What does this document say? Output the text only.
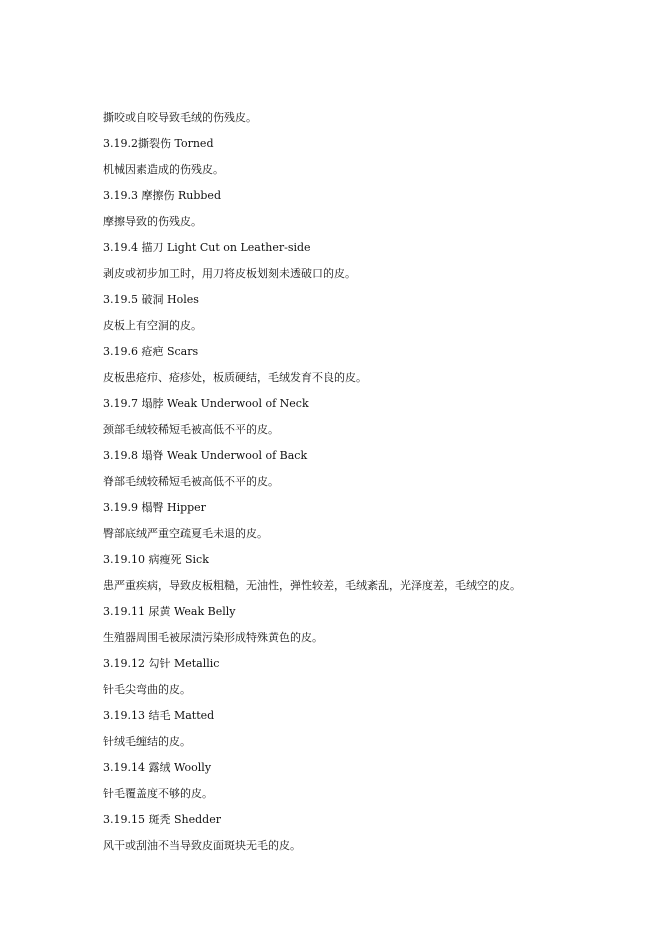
撕咬或自咬导致毛绒的伤残皮。
3.19.2撕裂伤 Torned
机械因素造成的伤残皮。
3.19.3 摩擦伤 Rubbed
摩擦导致的伤残皮。
3.19.4 描刀 Light Cut on Leather-side
剥皮或初步加工时，用刀将皮板划刻未透破口的皮。
3.19.5 破洞 Holes
皮板上有空洞的皮。
3.19.6 疮疤 Scars
皮板患疮疖、疮疹处，板质硬结，毛绒发育不良的皮。
3.19.7 塌脖 Weak Underwool of Neck
颈部毛绒较稀短毛被高低不平的皮。
3.19.8 塌脊 Weak Underwool of Back
脊部毛绒较稀短毛被高低不平的皮。
3.19.9 榻臀 Hipper
臀部底绒严重空疏夏毛未退的皮。
3.19.10 病瘦死 Sick
患严重疾病，导致皮板粗糙，无油性，弹性较差，毛绒紊乱，光泽度差，毛绒空的皮。
3.19.11 尿黄 Weak Belly
生殖器周围毛被尿渍污染形成特殊黄色的皮。
3.19.12 勾针 Metallic
针毛尖弯曲的皮。
3.19.13 结毛 Matted
针绒毛缠结的皮。
3.19.14 露绒 Woolly
针毛覆盖度不够的皮。
3.19.15 斑秃 Shedder
风干或刮油不当导致皮面斑块无毛的皮。
